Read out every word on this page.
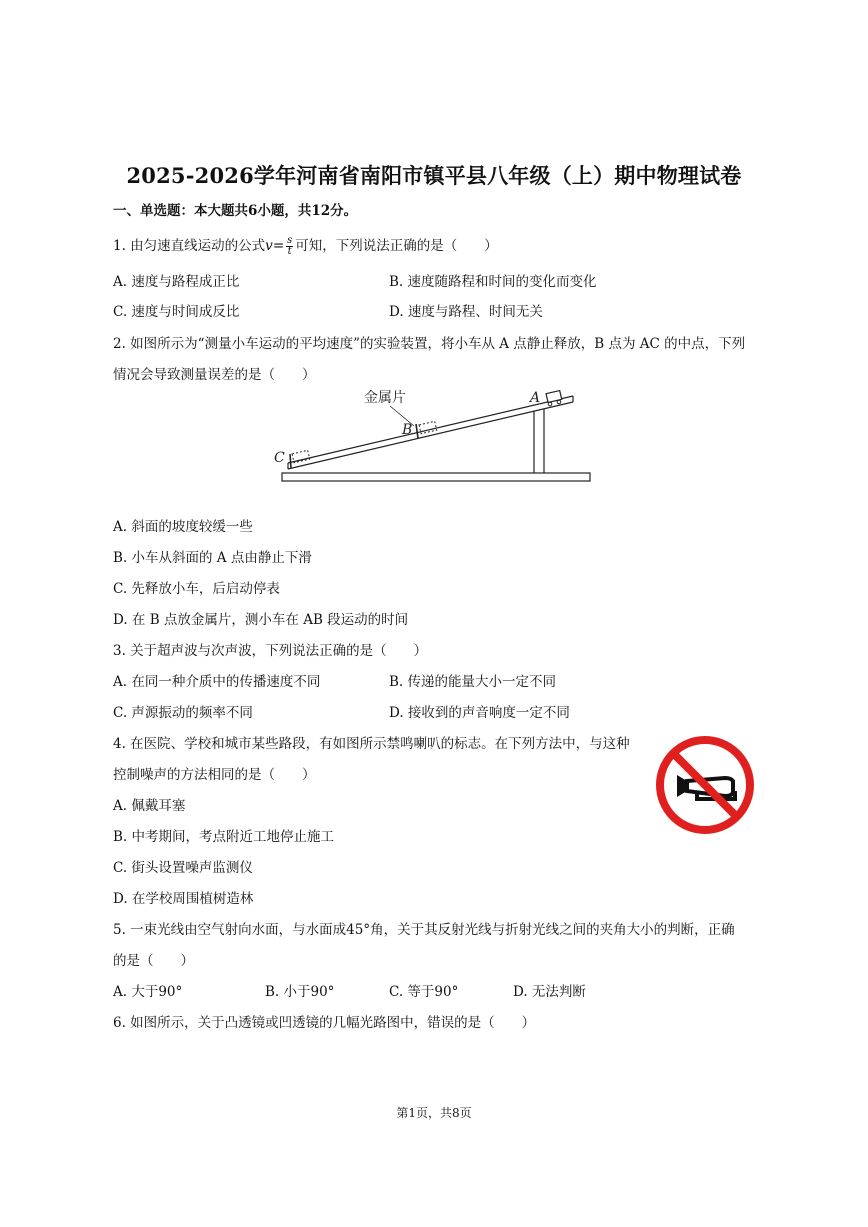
2025-2026学年河南省南阳市镇平县八年级（上）期中物理试卷
一、单选题：本大题共6小题，共12分。
1. 由匀速直线运动的公式$v= \frac{s}{t}$ 可知，下列说法正确的是（　　）
A. 速度与路程成正比	B. 速度随路程和时间的变化而变化
C. 速度与时间成反比	D. 速度与路程、时间无关
2. 如图所示为“测量小车运动的平均速度”的实验装置，将小车从 A 点静止释放，B 点为 AC 的中点，下列
情况会导致测量误差的是（　　）
金属片	A
B
C
A. 斜面的坡度较缓一些
B. 小车从斜面的 A 点由静止下滑
C. 先释放小车，后启动停表
D. 在 B 点放金属片，测小车在 AB 段运动的时间
3. 关于超声波与次声波，下列说法正确的是（　　）
A. 在同一种介质中的传播速度不同	B. 传递的能量大小一定不同
C. 声源振动的频率不同	D. 接收到的声音响度一定不同
4. 在医院、学校和城市某些路段，有如图所示禁鸣喇叭的标志。在下列方法中，与这种
控制噪声的方法相同的是（　　）
A. 佩戴耳塞
B. 中考期间，考点附近工地停止施工
C. 街头设置噪声监测仪
D. 在学校周围植树造林
5. 一束光线由空气射向水面，与水面成45°角，关于其反射光线与折射光线之间的夹角大小的判断，正确
的是（　　）
A. 大于90°	B. 小于90°	C. 等于90°	D. 无法判断
6. 如图所示，关于凸透镜或凹透镜的几幅光路图中，错误的是（　　）
第1页，共8页
